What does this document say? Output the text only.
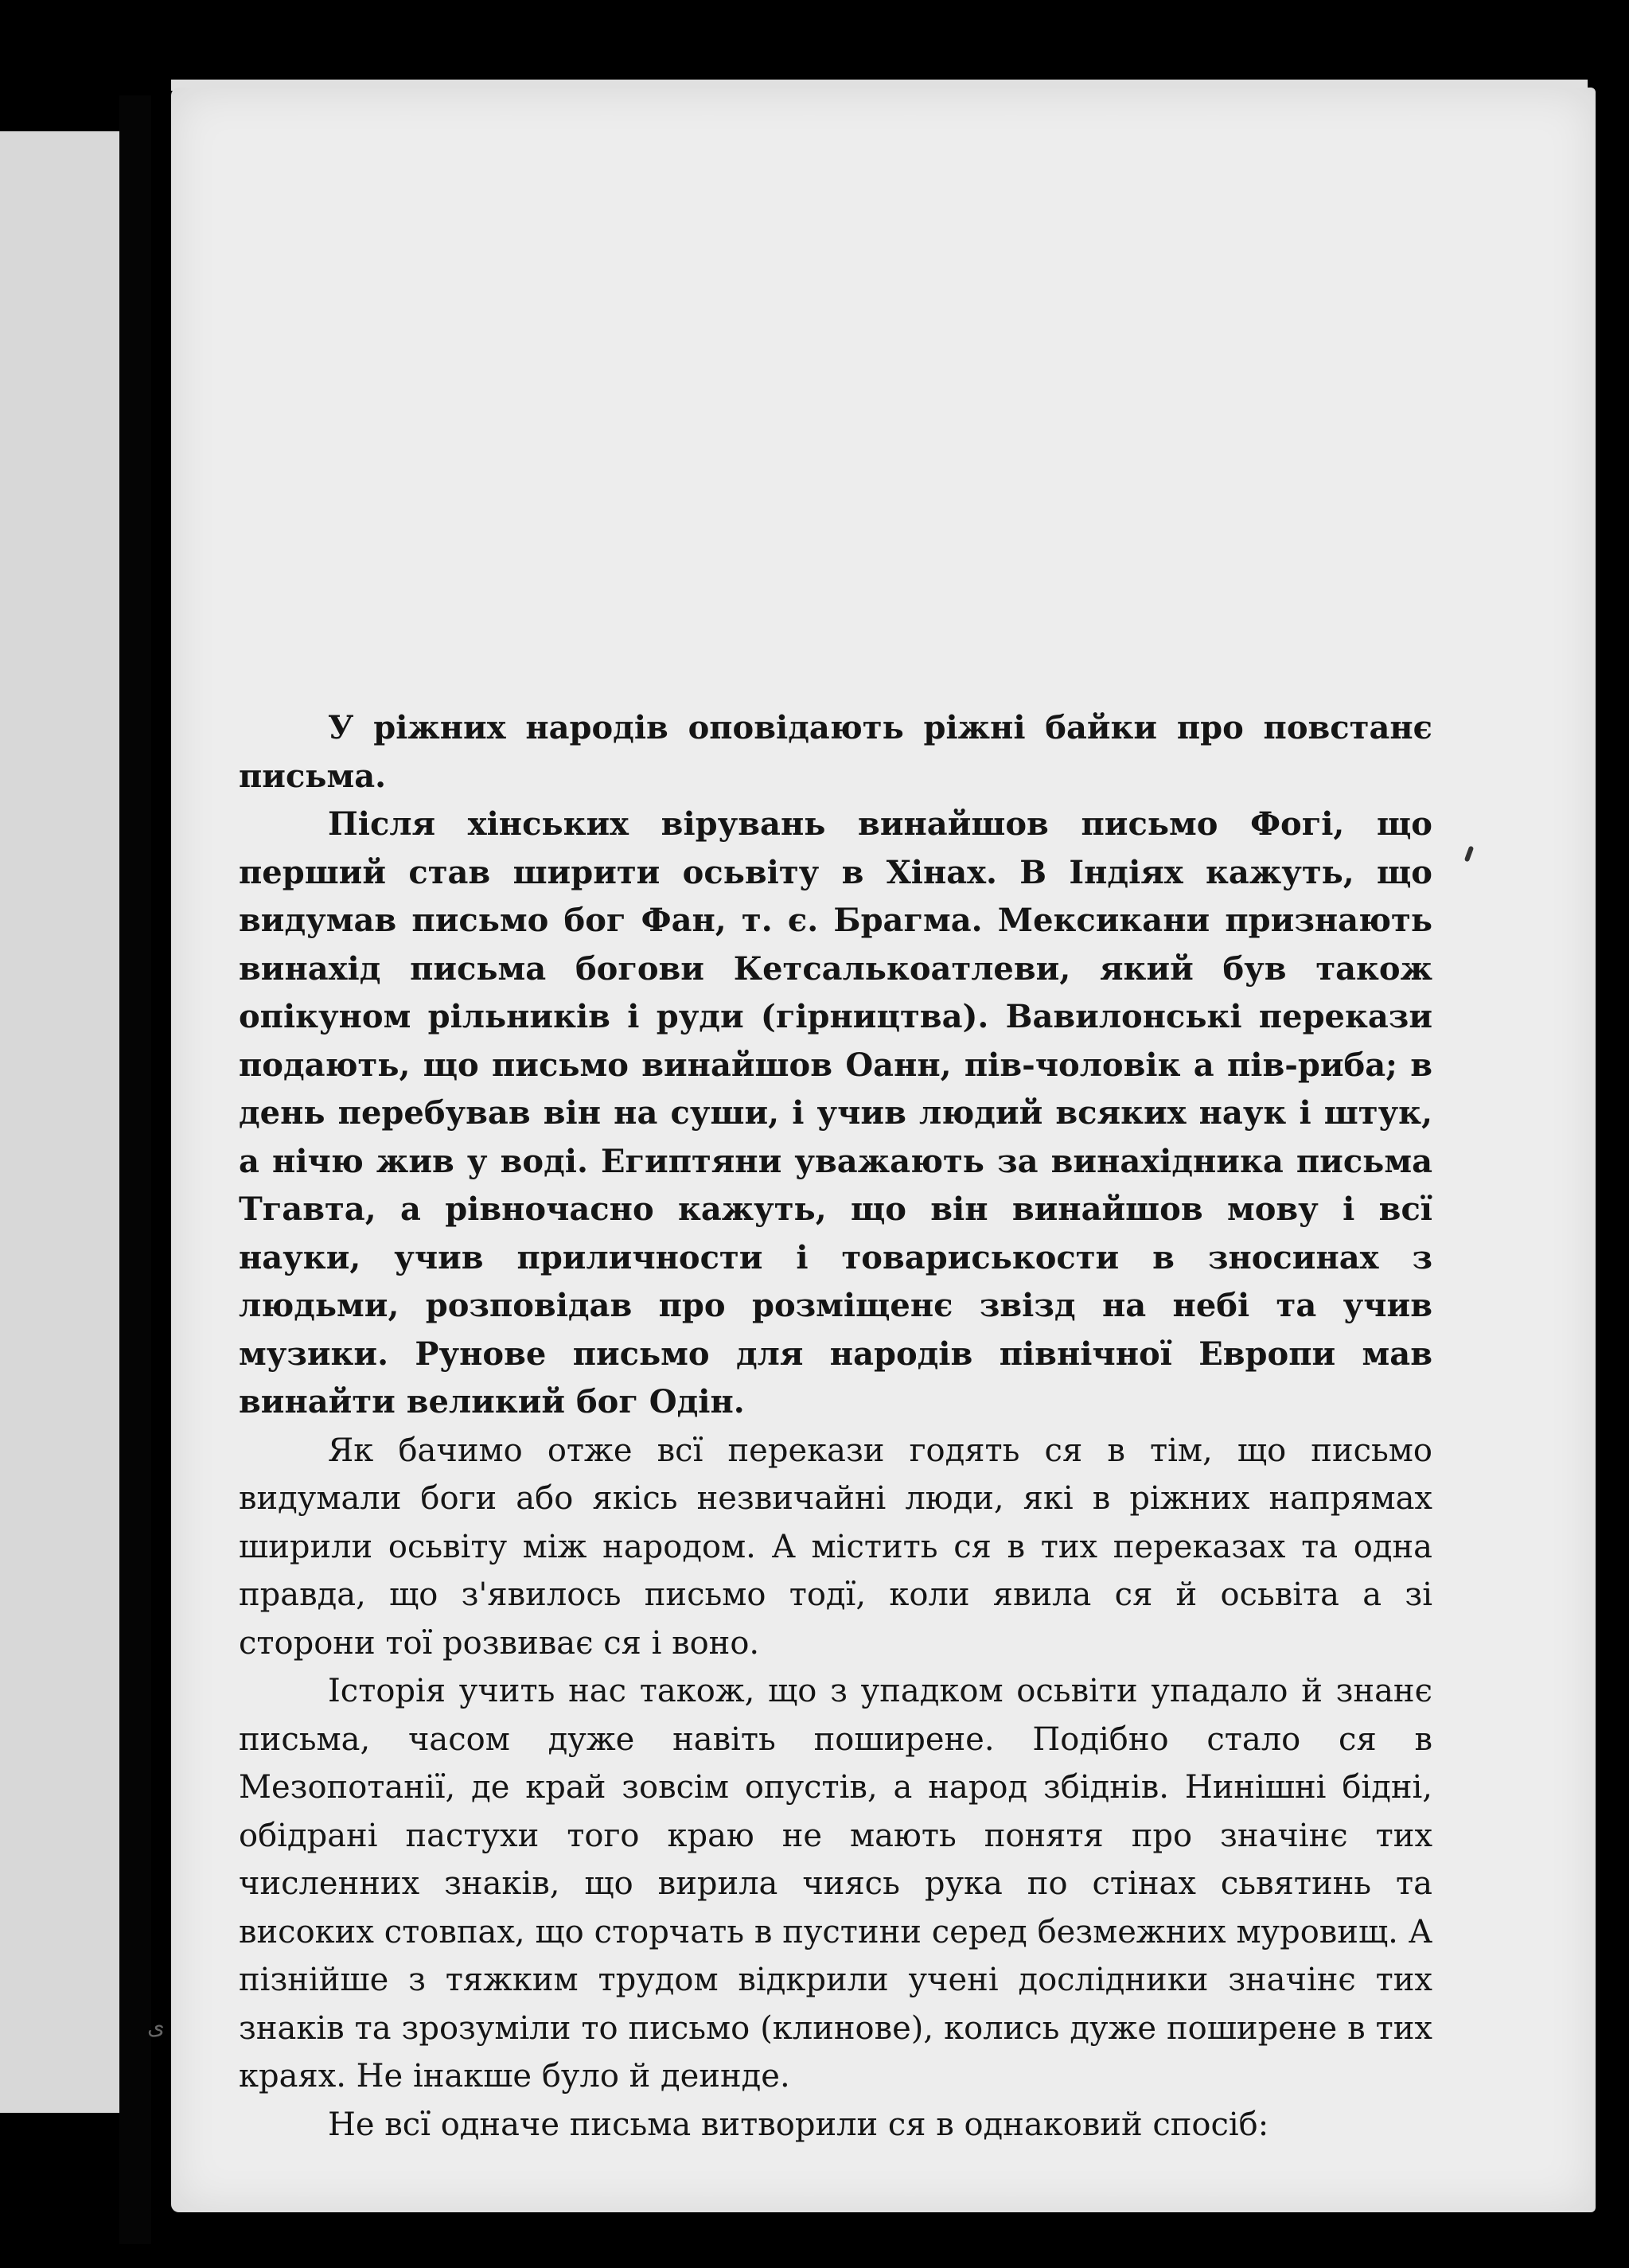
ی

У ріжних народів оповідають ріжні байки про повстанє письма.

Після хінських вірувань винайшов письмо Фогі, що перший став ширити осьвіту в Хінах. В Індіях кажуть, що видумав письмо бог Фан, т. є. Брагма. Мексикани признають винахід письма богови Кетсалькоатлеви, який був також опікуном рільників і руди (гірництва). Вавилонські перекази подають, що письмо винайшов Оанн, пів-чоловік а пів-риба; в день перебував він на суши, і учив людий всяких наук і штук, а нічю жив у воді. Египтяни уважають за винахідника письма Тгавта, а рівночасно кажуть, що він винайшов мову і всї науки, учив приличности і товариськости в зносинах з людьми, розповідав про розміщенє звізд на небі та учив музики. Рунове письмо для народів північної Европи мав винайти великий бог Одін.

Як бачимо отже всї перекази годять ся в тім, що письмо видумали боги або якісь незвичайні люди, які в ріжних напрямах ширили осьвіту між народом. А містить ся в тих переказах та одна правда, що з'явилось письмо тодї, коли явила ся й осьвіта а зі сторони тої розвиває ся і воно.

Історія учить нас також, що з упадком осьвіти упадало й знанє письма, часом дуже навіть поширене. Подібно стало ся в Мезопотанії, де край зовсім опустів, а народ збіднів. Нинішні бідні, обідрані пастухи того краю не мають понятя про значінє тих численних знаків, що вирила чиясь рука по стінах сьвятинь та високих стовпах, що сторчать в пустини серед безмежних муровищ. А пізнійше з тяжким трудом відкрили учені дослідники значінє тих знаків та зрозуміли то письмо (клинове), колись дуже поширене в тих краях. Не інакше було й деинде.

Не всї одначе письма витворили ся в однаковий спосіб:
